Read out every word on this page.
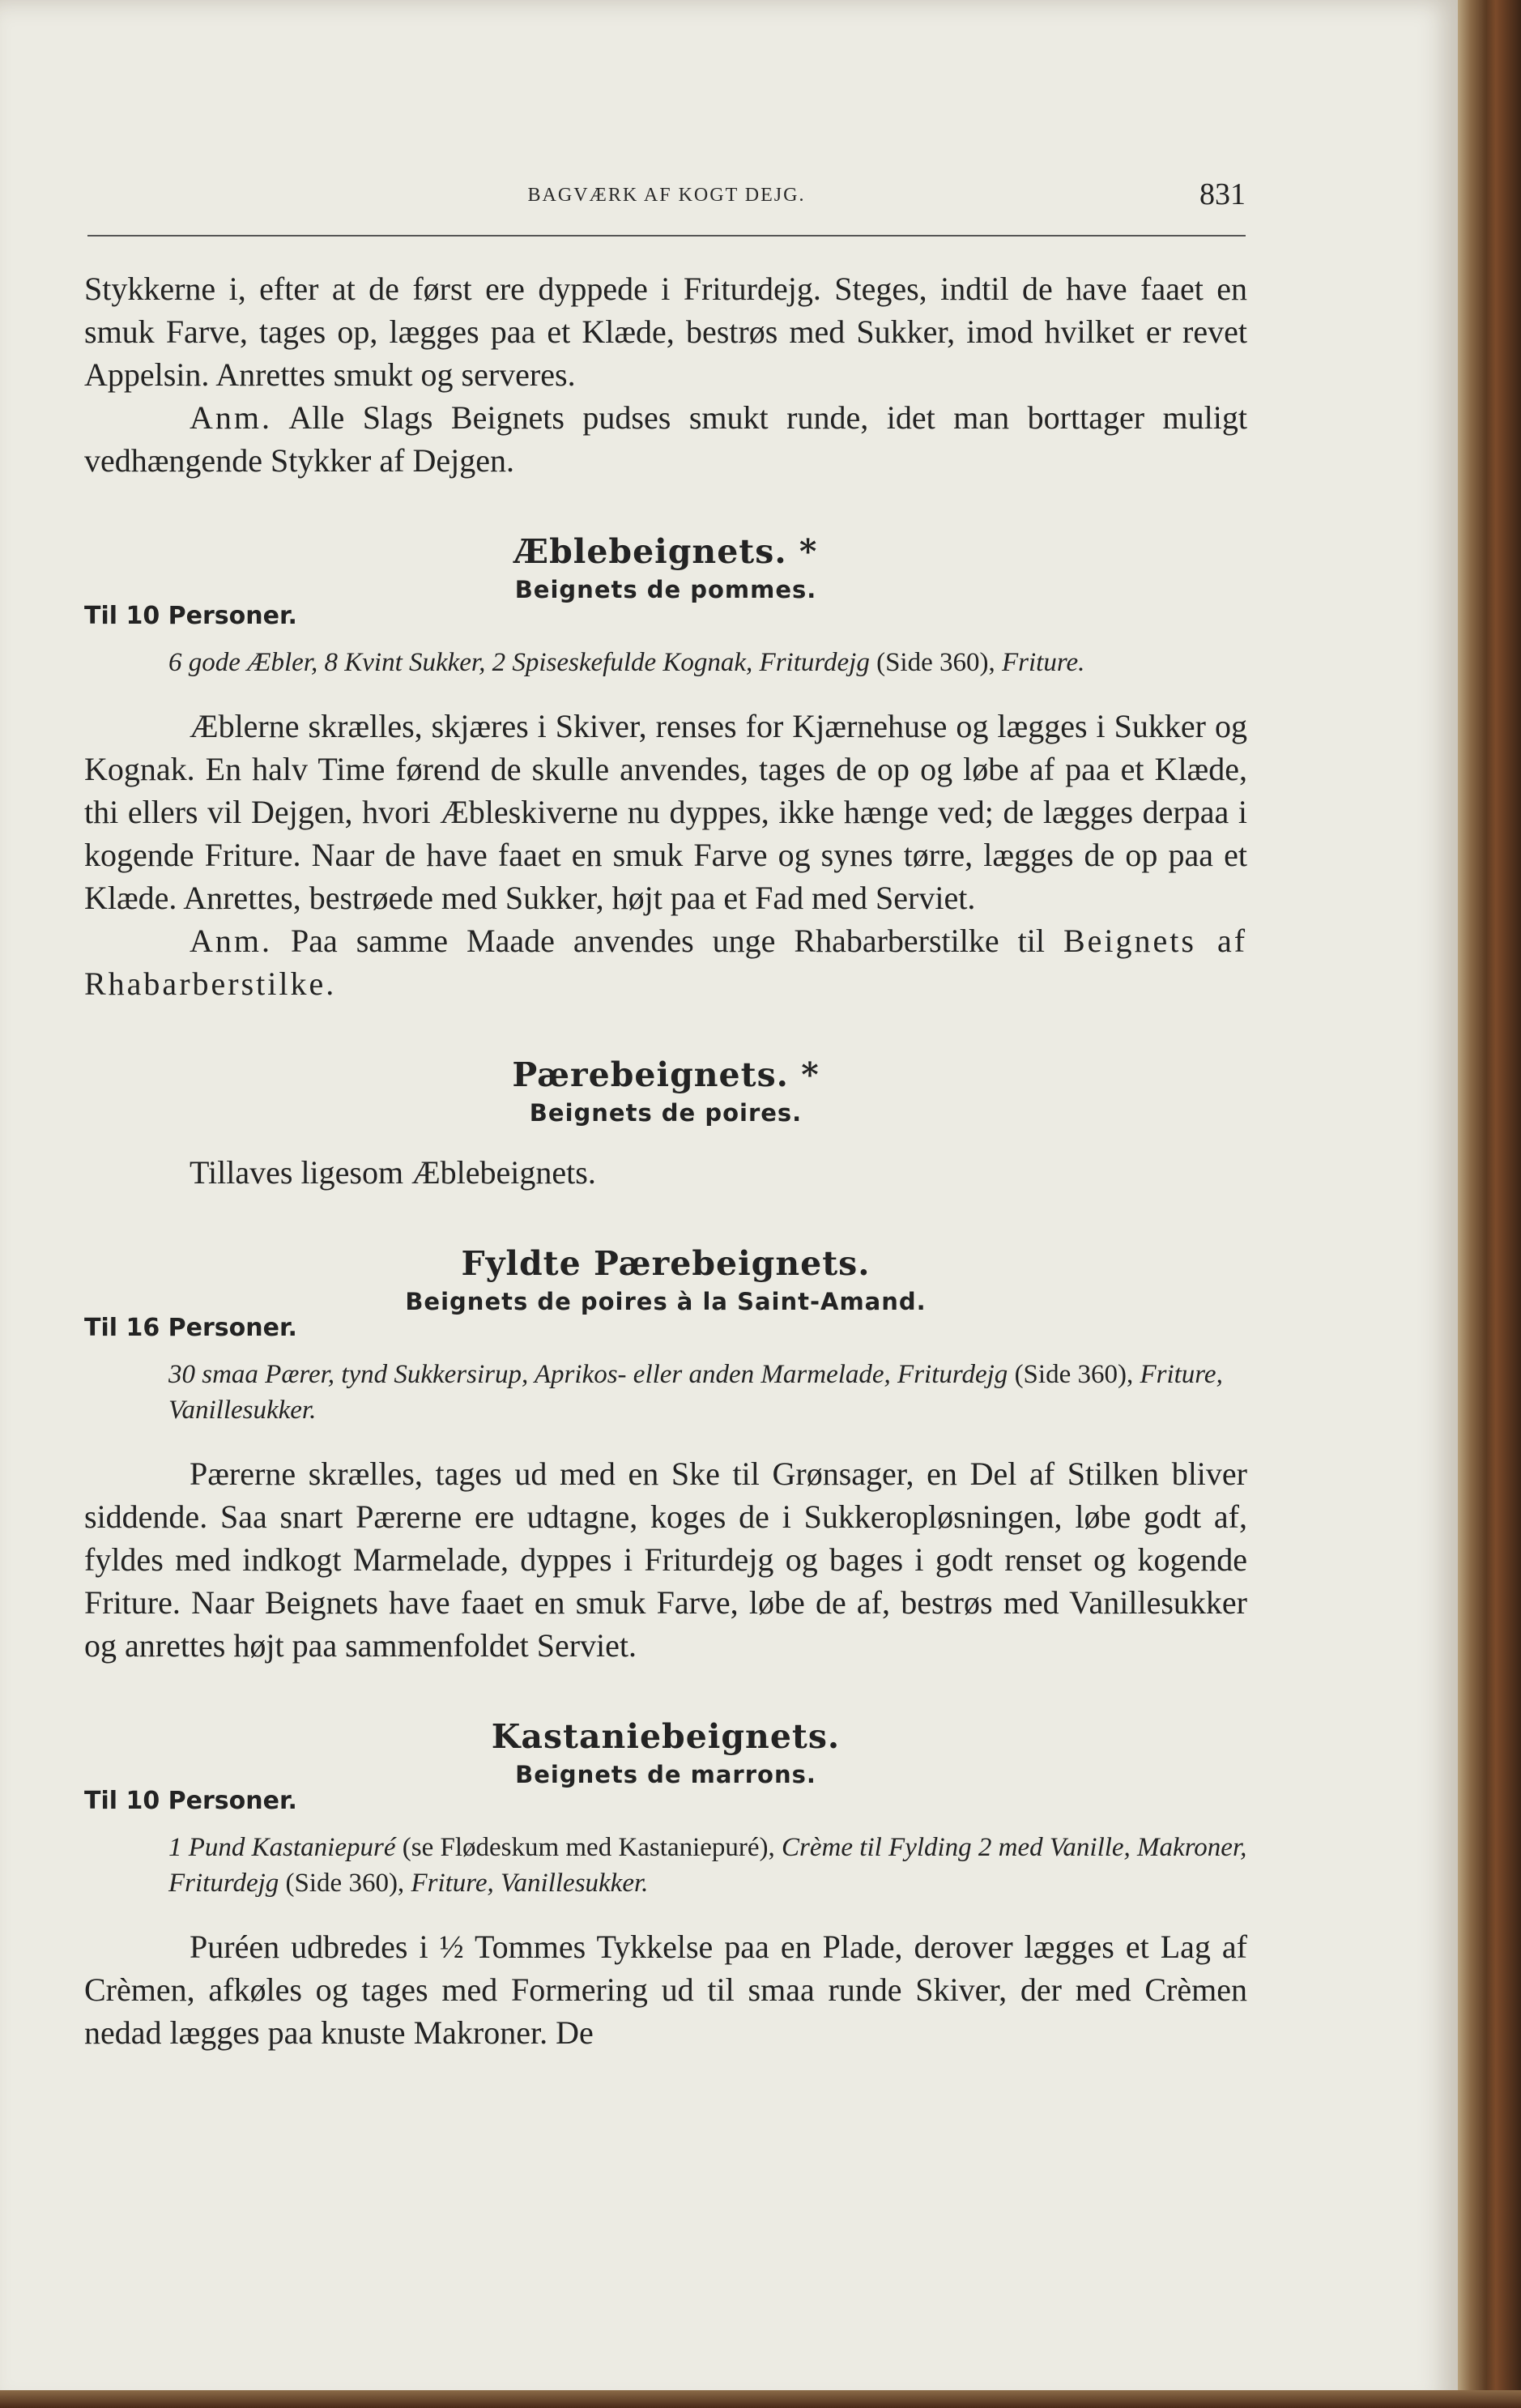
BAGVÆRK AF KOGT DEJG.	831

Stykkerne i, efter at de først ere dyppede i Friturdejg. Steges, indtil de have faaet en smuk Farve, tages op, lægges paa et Klæde, bestrøs med Sukker, imod hvilket er revet Appelsin. Anrettes smukt og serveres.

Anm. Alle Slags Beignets pudses smukt runde, idet man borttager muligt vedhængende Stykker af Dejgen.

Æblebeignets. *
Beignets de pommes.
Til 10 Personer.
6 gode Æbler, 8 Kvint Sukker, 2 Spiseskefulde Kognak, Friturdejg (Side 360), Friture.

Æblerne skrælles, skjæres i Skiver, renses for Kjærnehuse og lægges i Sukker og Kognak. En halv Time førend de skulle anvendes, tages de op og løbe af paa et Klæde, thi ellers vil Dejgen, hvori Æbleskiverne nu dyppes, ikke hænge ved; de lægges derpaa i kogende Friture. Naar de have faaet en smuk Farve og synes tørre, lægges de op paa et Klæde. Anrettes, bestrøede med Sukker, højt paa et Fad med Serviet.

Anm. Paa samme Maade anvendes unge Rhabarberstilke til Beignets af Rhabarberstilke.

Pærebeignets. *
Beignets de poires.

Tillaves ligesom Æblebeignets.

Fyldte Pærebeignets.
Beignets de poires à la Saint-Amand.
Til 16 Personer.
30 smaa Pærer, tynd Sukkersirup, Aprikos- eller anden Marmelade, Friturdejg (Side 360), Friture, Vanillesukker.

Pærerne skrælles, tages ud med en Ske til Grønsager, en Del af Stilken bliver siddende. Saa snart Pærerne ere udtagne, koges de i Sukkeropløsningen, løbe godt af, fyldes med indkogt Marmelade, dyppes i Friturdejg og bages i godt renset og kogende Friture. Naar Beignets have faaet en smuk Farve, løbe de af, bestrøs med Vanillesukker og anrettes højt paa sammenfoldet Serviet.

Kastaniebeignets.
Beignets de marrons.
Til 10 Personer.
1 Pund Kastaniepuré (se Flødeskum med Kastaniepuré), Crème til Fylding 2 med Vanille, Makroner, Friturdejg (Side 360), Friture, Vanillesukker.

Puréen udbredes i ½ Tommes Tykkelse paa en Plade, derover lægges et Lag af Crèmen, afkøles og tages med Formering ud til smaa runde Skiver, der med Crèmen nedad lægges paa knuste Makroner. De
